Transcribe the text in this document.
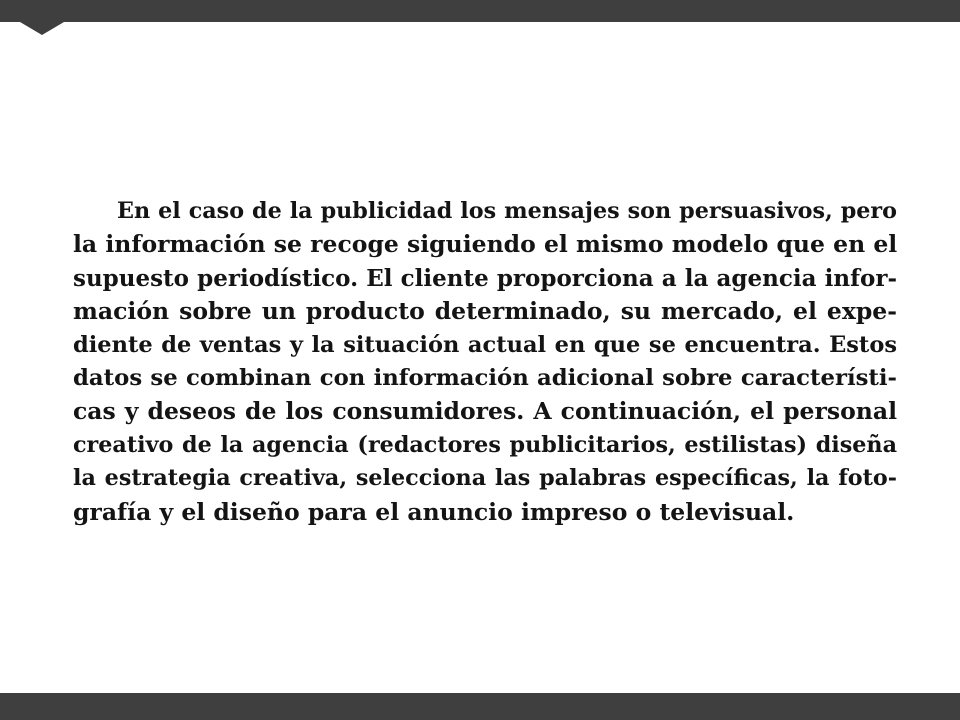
En el caso de la publicidad los mensajes son persuasivos, pero
la información se recoge siguiendo el mismo modelo que en el
supuesto periodístico. El cliente proporciona a la agencia infor-
mación sobre un producto determinado, su mercado, el expe-
diente de ventas y la situación actual en que se encuentra. Estos
datos se combinan con información adicional sobre característi-
cas y deseos de los consumidores. A continuación, el personal
creativo de la agencia (redactores publicitarios, estilistas) diseña
la estrategia creativa, selecciona las palabras específicas, la foto-
grafía y el diseño para el anuncio impreso o televisual.
